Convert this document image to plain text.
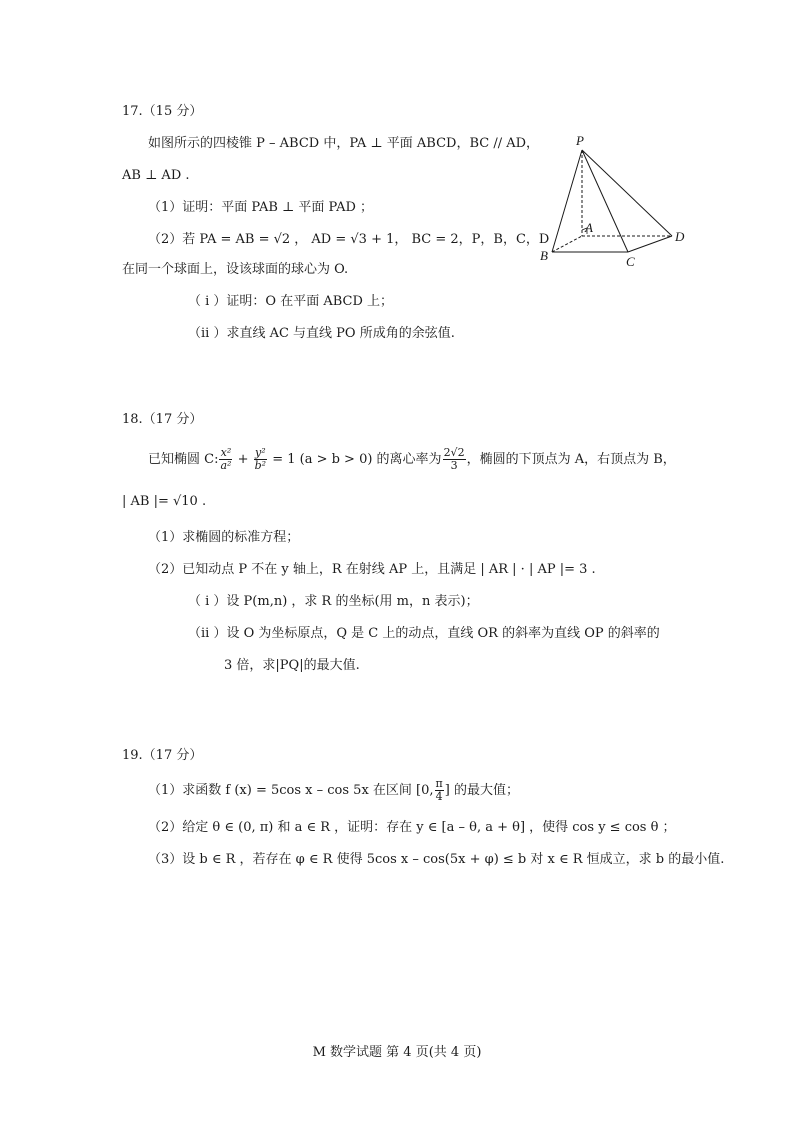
17.（15 分）
如图所示的四棱锥 P – ABCD 中，PA ⊥ 平面 ABCD，BC // AD，
AB ⊥ AD .
（1）证明：平面 PAB ⊥ 平面 PAD ；
（2）若 PA = AB = √2 ， AD = √3 + 1， BC = 2，P，B，C，D
在同一个球面上，设该球面的球心为 O.
（ i ）证明：O 在平面 ABCD 上；
（ii ）求直线 AC 与直线 PO 所成角的余弦值.
P
A
B	C
D
18.（17 分）
已知椭圆 C: $\frac{\text{x²}}{\text{a²}} + \frac{\text{y²}}{\text{b²}} = 1$ (a > b > 0) 的离心率为 $\frac{2√2}{3}$ ，椭圆的下顶点为 A，右顶点为 B，
| AB |= √10 .
（1）求椭圆的标准方程；
（2）已知动点 P 不在 y 轴上，R 在射线 AP 上，且满足 | AR | · | AP |= 3 .
（ i ）设 P(m,n) ，求 R 的坐标(用 m，n 表示)；
（ii ）设 O 为坐标原点，Q 是 C 上的动点，直线 OR 的斜率为直线 OP 的斜率的
3 倍，求|PQ|的最大值.
19.（17 分）
（1）求函数 f (x) = 5cos x – cos 5x 在区间 [0, $\frac{\pi}{4}$ ] 的最大值；
（2）给定 θ ∈ (0, π) 和 a ∈ R ，证明：存在 y ∈ [a – θ, a + θ] ，使得 cos y ≤ cos θ ；
（3）设 b ∈ R ，若存在 φ ∈ R 使得 5cos x – cos(5x + φ) ≤ b 对 x ∈ R 恒成立，求 b 的最小值.
M 数学试题 第 4 页(共 4 页)
